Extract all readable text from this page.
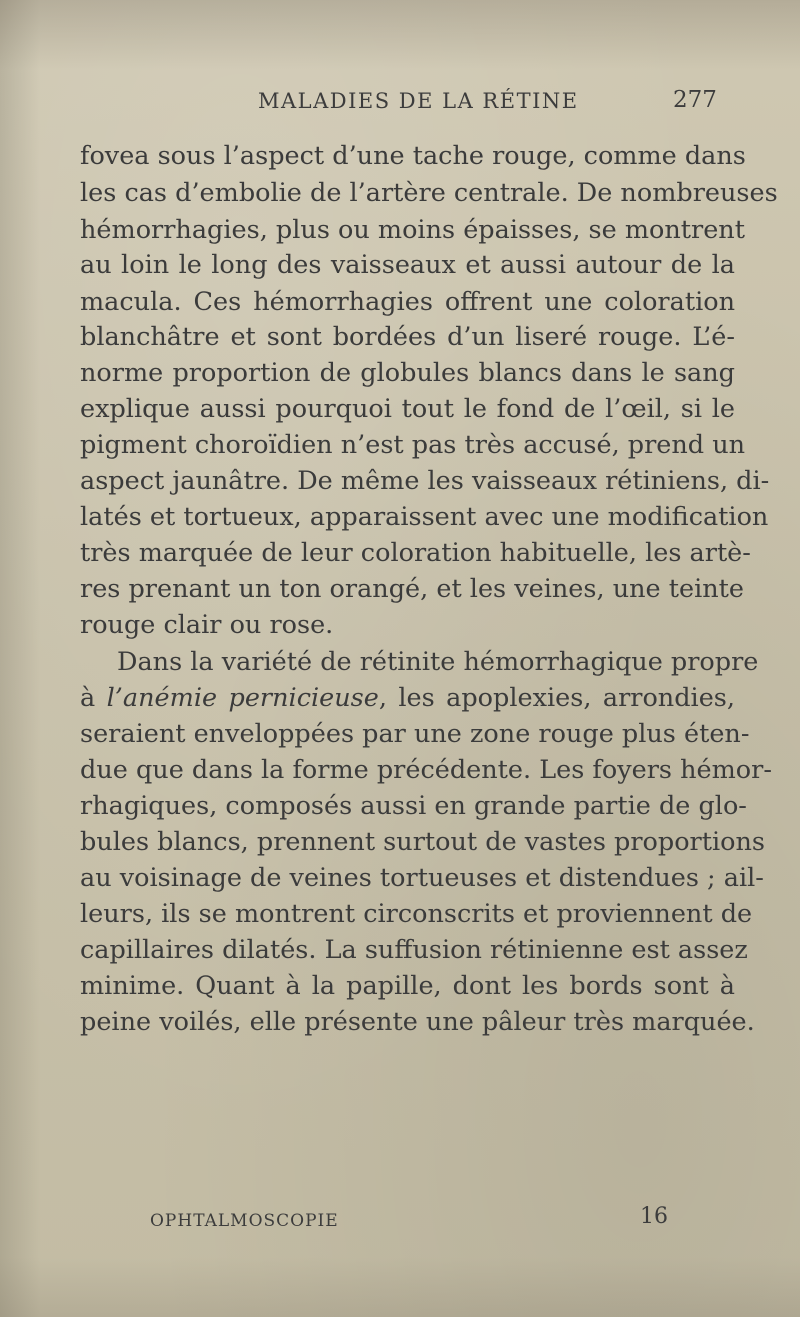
MALADIES DE LA RÉTINE	277
fovea sous l’aspect d’une tache rouge, comme dans
les cas d’embolie de l’artère centrale. De nombreuses
hémorrhagies, plus ou moins épaisses, se montrent
au loin le long des vaisseaux et aussi autour de la
macula. Ces hémorrhagies offrent une coloration
blanchâtre et sont bordées d’un liseré rouge. L’é-
norme proportion de globules blancs dans le sang
explique aussi pourquoi tout le fond de l’œil, si le
pigment choroïdien n’est pas très accusé, prend un
aspect jaunâtre. De même les vaisseaux rétiniens, di-
latés et tortueux, apparaissent avec une modification
très marquée de leur coloration habituelle, les artè-
res prenant un ton orangé, et les veines, une teinte
rouge clair ou rose.
Dans la variété de rétinite hémorrhagique propre
à l’anémie pernicieuse, les apoplexies, arrondies,
seraient enveloppées par une zone rouge plus éten-
due que dans la forme précédente. Les foyers hémor-
rhagiques, composés aussi en grande partie de glo-
bules blancs, prennent surtout de vastes proportions
au voisinage de veines tortueuses et distendues ; ail-
leurs, ils se montrent circonscrits et proviennent de
capillaires dilatés. La suffusion rétinienne est assez
minime. Quant à la papille, dont les bords sont à
peine voilés, elle présente une pâleur très marquée.
OPHTALMOSCOPIE	16
